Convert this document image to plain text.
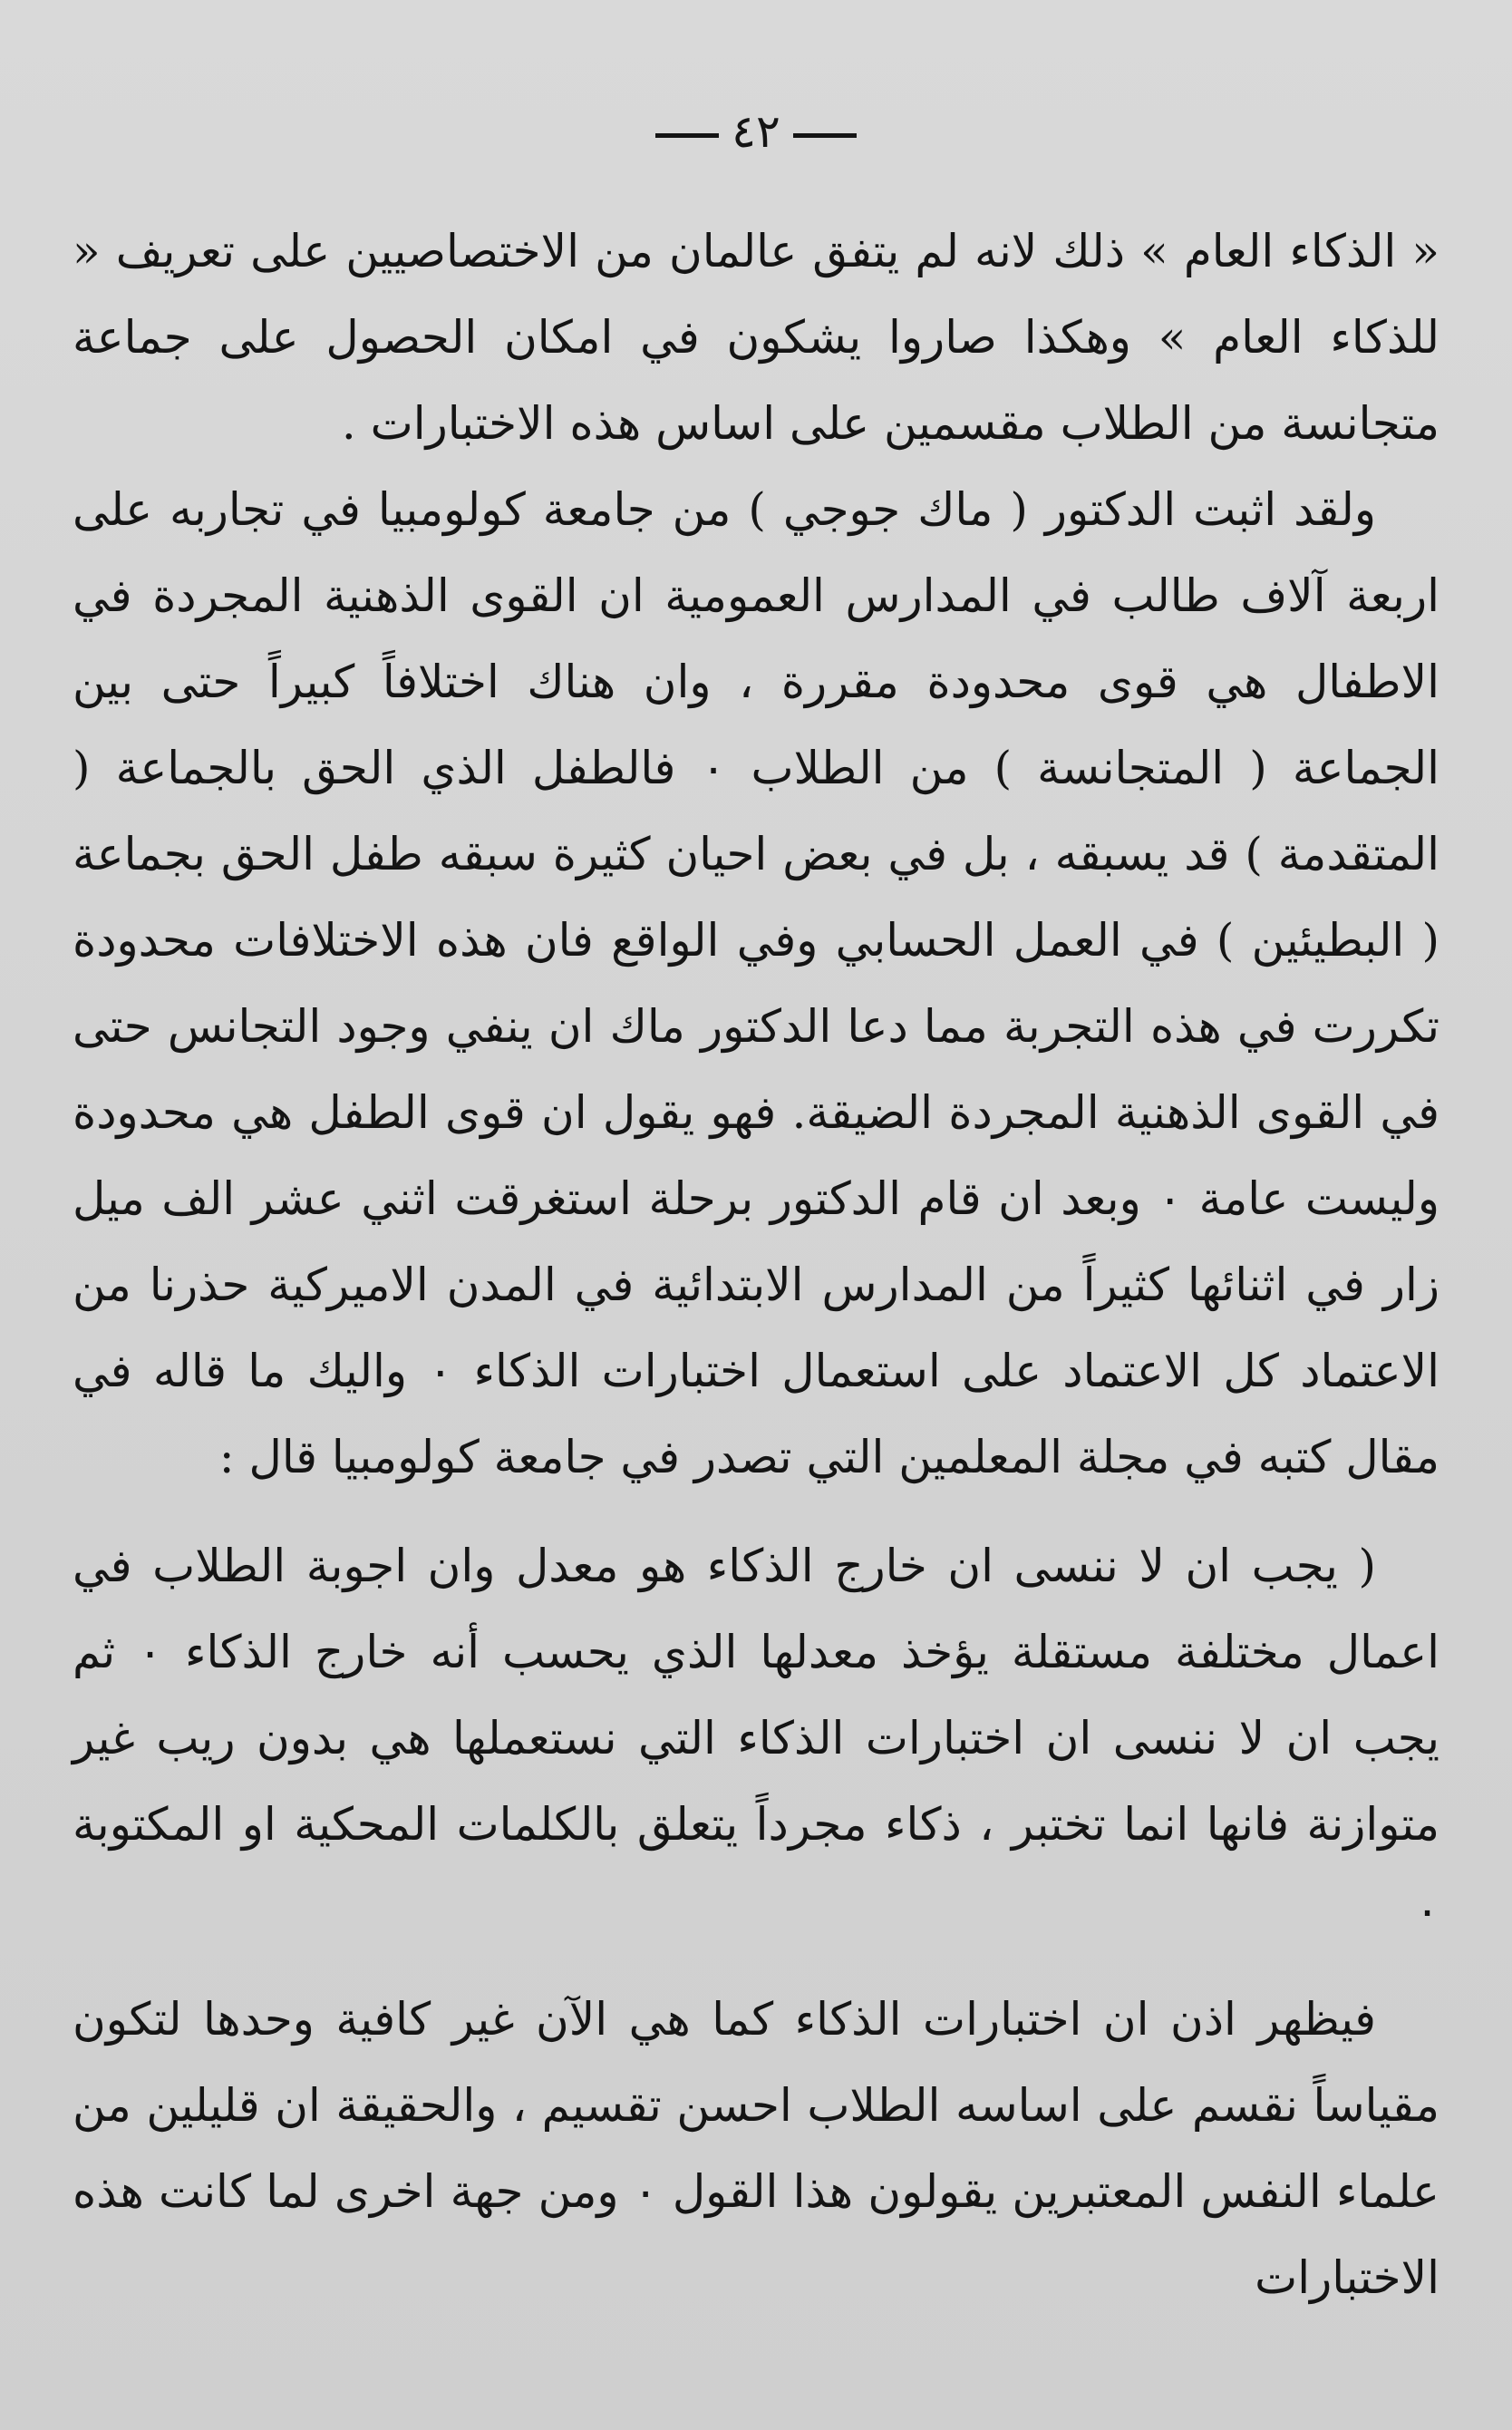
٤٢

« الذكاء العام » ذلك لانه لم يتفق عالمان من الاختصاصيين على تعريف « للذكاء العام » وهكذا صاروا يشكون في امكان الحصول على جماعة متجانسة من الطلاب مقسمين على اساس هذه الاختبارات .

ولقد اثبت الدكتور ( ماك جوجي ) من جامعة كولومبيا في تجاربه على اربعة آلاف طالب في المدارس العمومية ان القوى الذهنية المجردة في الاطفال هي قوى محدودة مقررة ، وان هناك اختلافاً كبيراً حتى بين الجماعة ( المتجانسة ) من الطلاب ٠ فالطفل الذي الحق بالجماعة ( المتقدمة ) قد يسبقه ، بل في بعض احيان كثيرة سبقه طفل الحق بجماعة ( البطيئين ) في العمل الحسابي وفي الواقع فان هذه الاختلافات محدودة تكررت في هذه التجربة مما دعا الدكتور ماك ان ينفي وجود التجانس حتى في القوى الذهنية المجردة الضيقة. فهو يقول ان قوى الطفل هي محدودة وليست عامة ٠ وبعد ان قام الدكتور برحلة استغرقت اثني عشر الف ميل زار في اثنائها كثيراً من المدارس الابتدائية في المدن الاميركية حذرنا من الاعتماد كل الاعتماد على استعمال اختبارات الذكاء ٠ واليك ما قاله في مقال كتبه في مجلة المعلمين التي تصدر في جامعة كولومبيا قال :

( يجب ان لا ننسى ان خارج الذكاء هو معدل وان اجوبة الطلاب في اعمال مختلفة مستقلة يؤخذ معدلها الذي يحسب أنه خارج الذكاء ٠ ثم يجب ان لا ننسى ان اختبارات الذكاء التي نستعملها هي بدون ريب غير متوازنة فانها انما تختبر ، ذكاء مجرداً يتعلق بالكلمات المحكية او المكتوبة ٠

فيظهر اذن ان اختبارات الذكاء كما هي الآن غير كافية وحدها لتكون مقياساً نقسم على اساسه الطلاب احسن تقسيم ، والحقيقة ان قليلين من علماء النفس المعتبرين يقولون هذا القول ٠ ومن جهة اخرى لما كانت هذه الاختبارات
